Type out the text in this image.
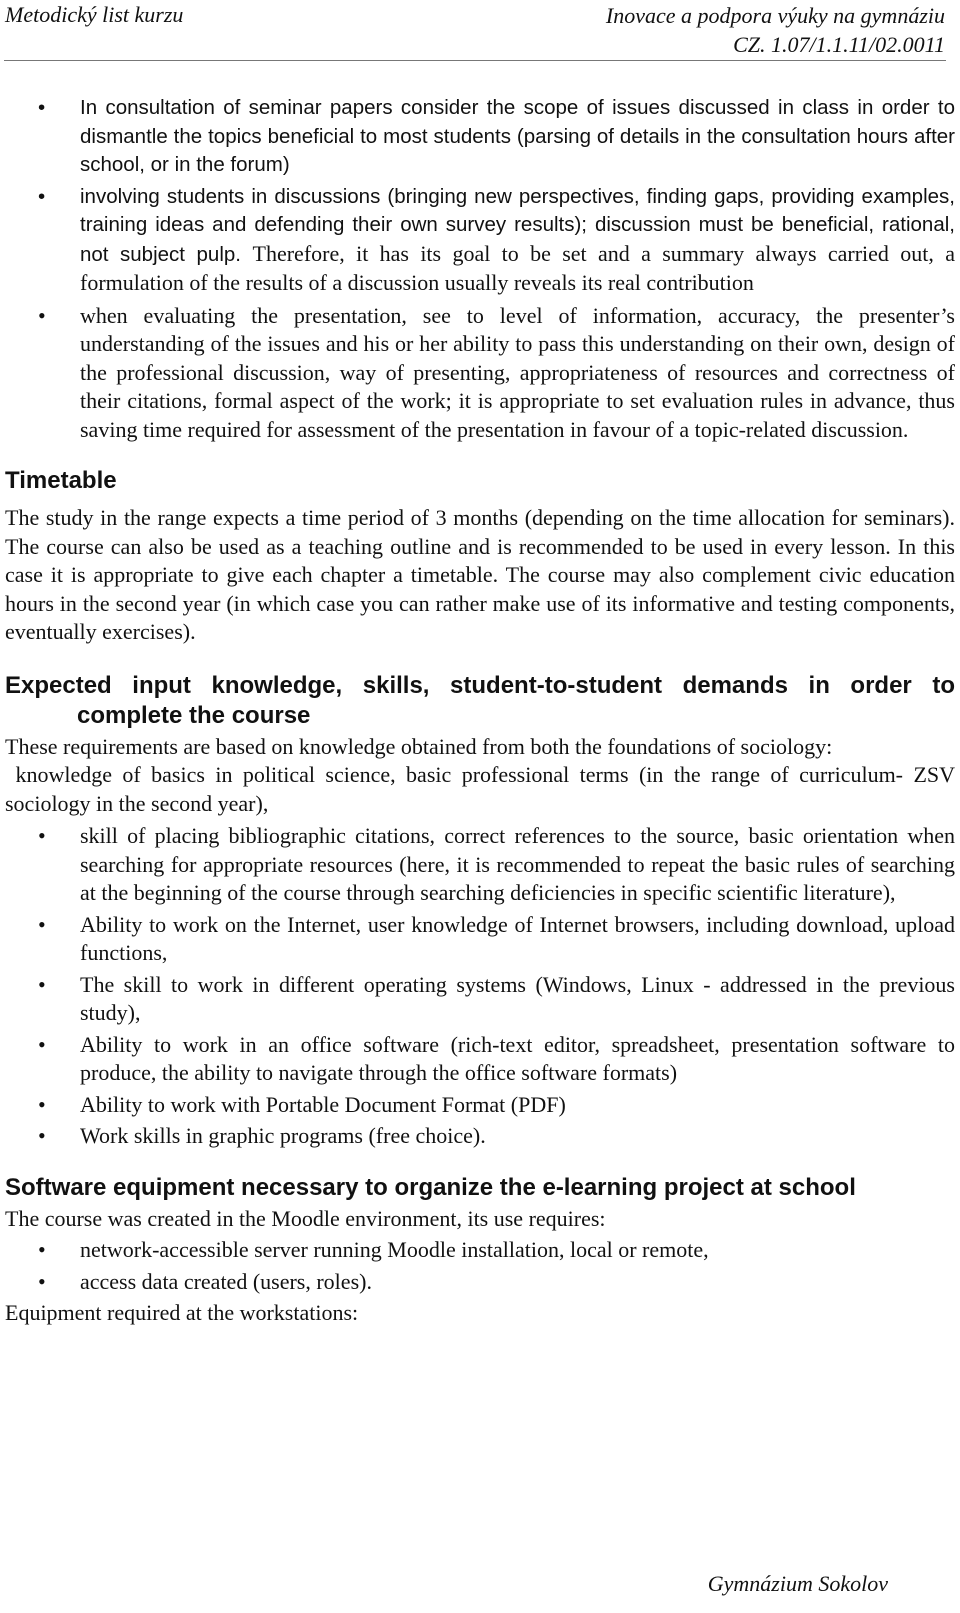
Metodický list kurzu	Inovace a podpora výuky na gymnáziu
CZ. 1.07/1.1.11/02.0011
• In consultation of seminar papers consider the scope of issues discussed in class in order to dismantle the topics beneficial to most students (parsing of details in the consultation hours after school, or in the forum)
• involving students in discussions (bringing new perspectives, finding gaps, providing examples, training ideas and defending their own survey results); discussion must be beneficial, rational, not subject pulp. Therefore, it has its goal to be set and a summary always carried out, a formulation of the results of a discussion usually reveals its real contribution
• when evaluating the presentation, see to level of information, accuracy, the presenter’s understanding of the issues and his or her ability to pass this understanding on their own, design of the professional discussion, way of presenting, appropriateness of resources and correctness of their citations, formal aspect of the work; it is appropriate to set evaluation rules in advance, thus saving time required for assessment of the presentation in favour of a topic-related discussion.
Timetable

The study in the range expects a time period of 3 months (depending on the time allocation for seminars). The course can also be used as a teaching outline and is recommended to be used in every lesson. In this case it is appropriate to give each chapter a timetable. The course may also complement civic education hours in the second year (in which case you can rather make use of its informative and testing components, eventually exercises).

Expected input knowledge, skills, student-to-student demands in order to complete the course

These requirements are based on knowledge obtained from both the foundations of sociology:

knowledge of basics in political science, basic professional terms (in the range of curriculum- ZSV sociology in the second year),

• skill of placing bibliographic citations, correct references to the source, basic orientation when searching for appropriate resources (here, it is recommended to repeat the basic rules of searching at the beginning of the course through searching deficiencies in specific scientific literature),
• Ability to work on the Internet, user knowledge of Internet browsers, including download, upload functions,
• The skill to work in different operating systems (Windows, Linux - addressed in the previous study),
• Ability to work in an office software (rich-text editor, spreadsheet, presentation software to produce, the ability to navigate through the office software formats)
• Ability to work with Portable Document Format (PDF)
• Work skills in graphic programs (free choice).
Software equipment necessary to organize the e-learning project at school

The course was created in the Moodle environment, its use requires:

• network-accessible server running Moodle installation, local or remote,
• access data created (users, roles).

Equipment required at the workstations:

Gymnázium Sokolov
